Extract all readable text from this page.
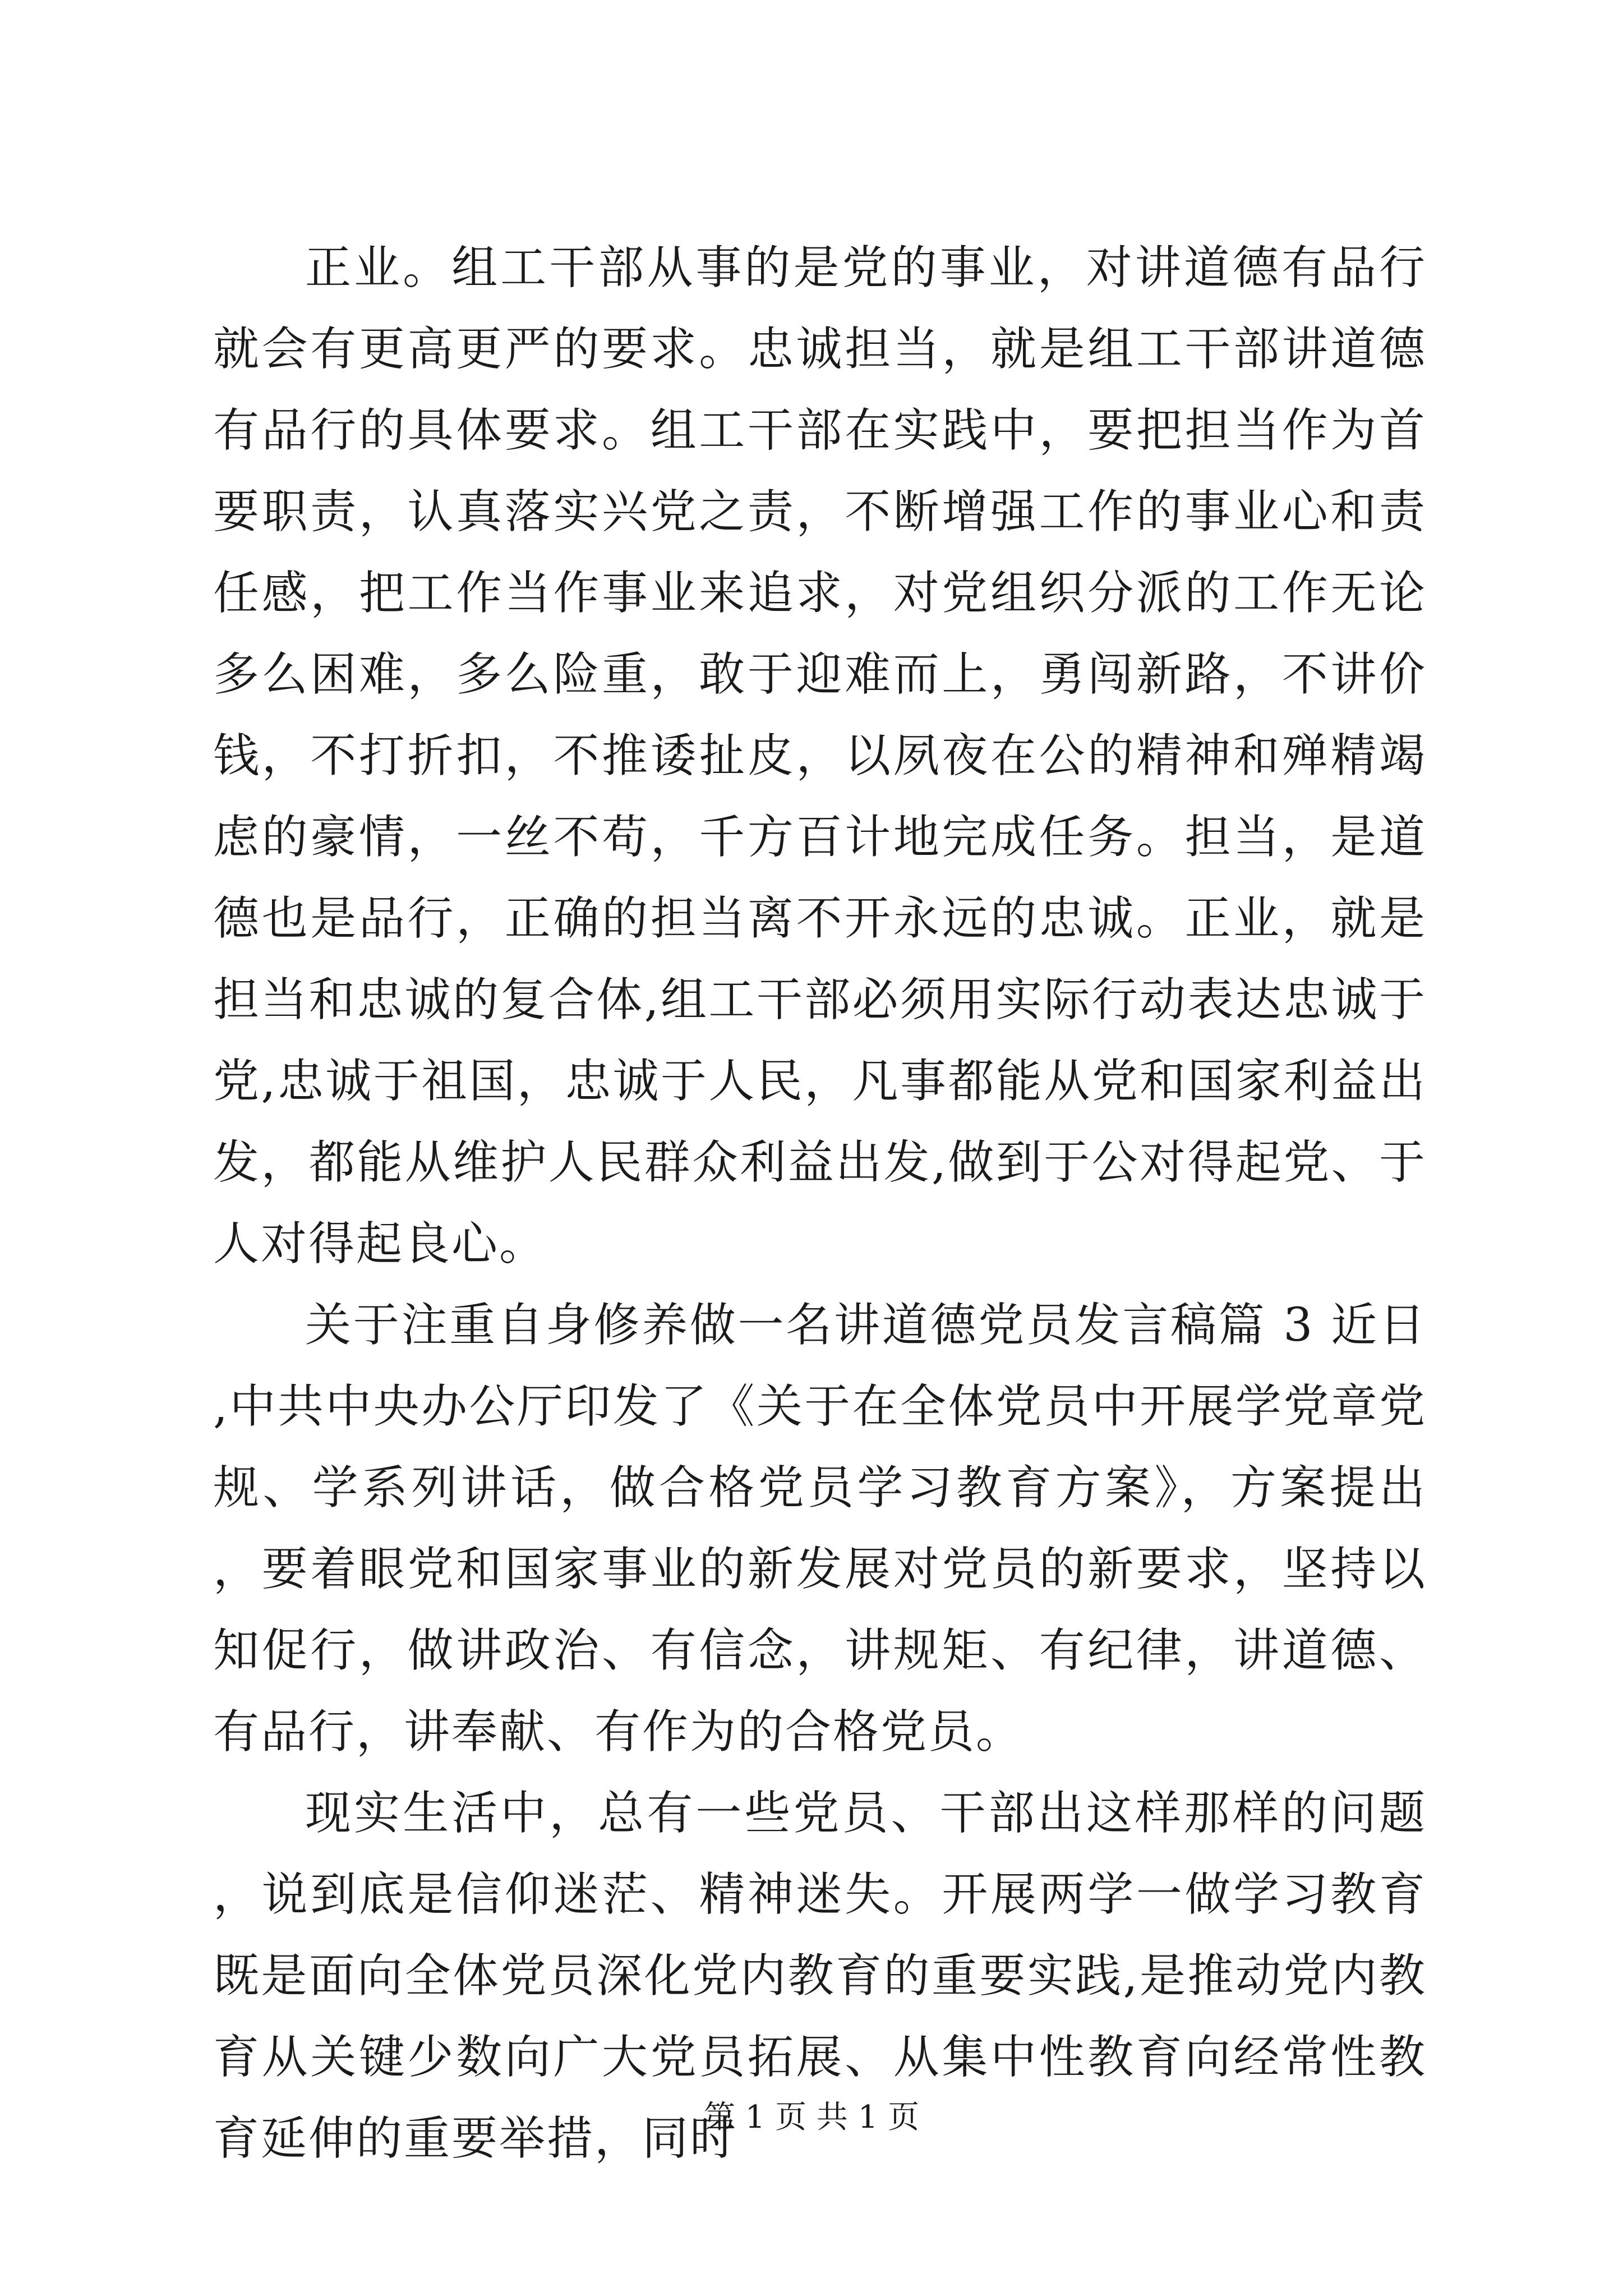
正业。组工干部从事的是党的事业，对讲道德有品行就会有更高更严的要求。忠诚担当，就是组工干部讲道德有品行的具体要求。组工干部在实践中，要把担当作为首要职责，认真落实兴党之责，不断增强工作的事业心和责任感，把工作当作事业来追求，对党组织分派的工作无论多么困难，多么险重，敢于迎难而上，勇闯新路，不讲价钱，不打折扣，不推诿扯皮，以夙夜在公的精神和殚精竭虑的豪情，一丝不苟，千方百计地完成任务。担当，是道德也是品行，正确的担当离不开永远的忠诚。正业，就是担当和忠诚的复合体,组工干部必须用实际行动表达忠诚于党,忠诚于祖国，忠诚于人民，凡事都能从党和国家利益出发，都能从维护人民群众利益出发,做到于公对得起党、于人对得起良心。

关于注重自身修养做一名讲道德党员发言稿篇 3 近日,中共中央办公厅印发了《关于在全体党员中开展学党章党规、学系列讲话，做合格党员学习教育方案》，方案提出，要着眼党和国家事业的新发展对党员的新要求，坚持以知促行，做讲政治、有信念，讲规矩、有纪律，讲道德、有品行，讲奉献、有作为的合格党员。

现实生活中，总有一些党员、干部出这样那样的问题，说到底是信仰迷茫、精神迷失。开展两学一做学习教育既是面向全体党员深化党内教育的重要实践,是推动党内教育从关键少数向广大党员拓展、从集中性教育向经常性教育延伸的重要举措，同时

第 1 页 共 1 页
